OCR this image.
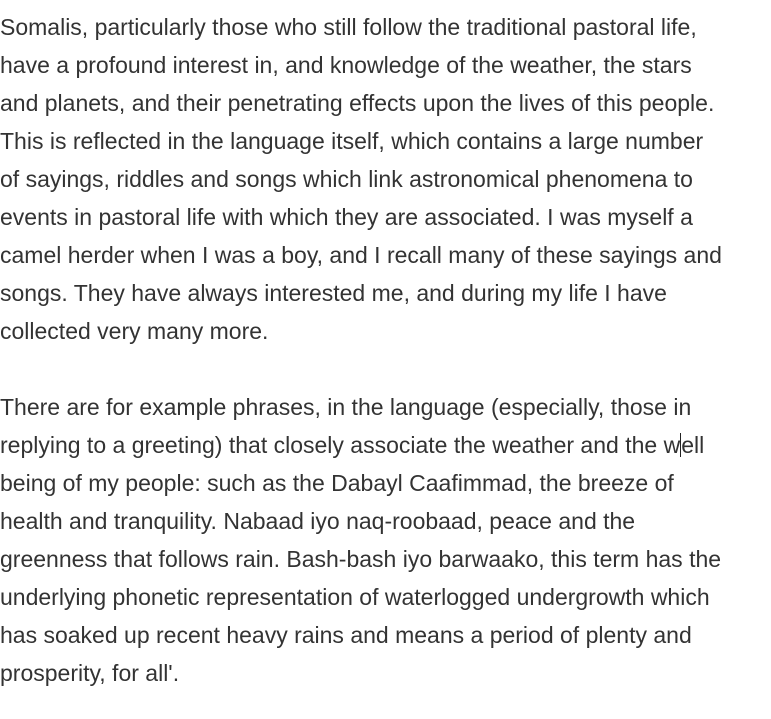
Somalis, particularly those who still follow the traditional pastoral life,
have a profound interest in, and knowledge of the weather, the stars
and planets, and their penetrating effects upon the lives of this people.
This is reflected in the language itself, which contains a large number
of sayings, riddles and songs which link astronomical phenomena to
events in pastoral life with which they are associated. I was myself a
camel herder when I was a boy, and I recall many of these sayings and
songs. They have always interested me, and during my life I have
collected very many more.

There are for example phrases, in the language (especially, those in
replying to a greeting) that closely associate the weather and the well
being of my people: such as the Dabayl Caafimmad, the breeze of
health and tranquility. Nabaad iyo naq-roobaad, peace and the
greenness that follows rain. Bash-bash iyo barwaako, this term has the
underlying phonetic representation of waterlogged undergrowth which
has soaked up recent heavy rains and means a period of plenty and
prosperity, for all'.
